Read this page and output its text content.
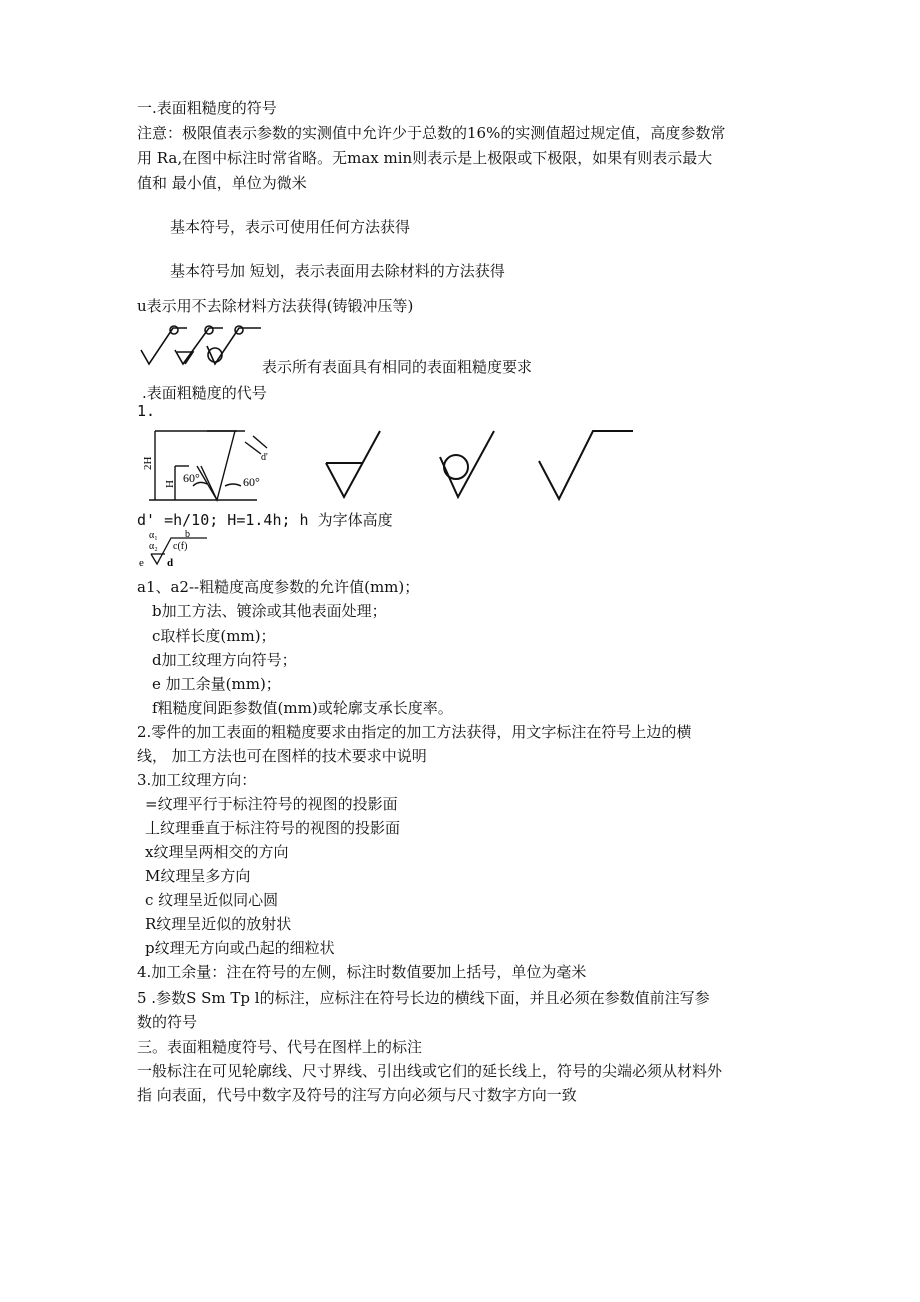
一.表面粗糙度的符号
注意：极限值表示参数的实测值中允许少于总数的16%的实测值超过规定值，高度参数常
用 Ra,在图中标注时常省略。无max min则表示是上极限或下极限，如果有则表示最大
值和 最小值，单位为微米
基本符号，表示可使用任何方法获得
基本符号加 短划，表示表面用去除材料的方法获得
u表示用不去除材料方法获得(铸锻冲压等)
表示所有表面具有相同的表面粗糙度要求
.表面粗糙度的代号
1.
2H
H 60°	60°
d'
d' =h/10; H=1.4h; h 为字体高度
α₁
α₂
b
c(f)
e d
a1、a2--粗糙度高度参数的允许值(mm)；
b加工方法、镀涂或其他表面处理；
c取样长度(mm)；
d加工纹理方向符号；
e 加工余量(mm)；
f粗糙度间距参数值(mm)或轮廓支承长度率。
2.零件的加工表面的粗糙度要求由指定的加工方法获得，用文字标注在符号上边的横
线， 加工方法也可在图样的技术要求中说明
3.加工纹理方向：
=纹理平行于标注符号的视图的投影面
丄纹理垂直于标注符号的视图的投影面
x纹理呈两相交的方向
M纹理呈多方向
c 纹理呈近似同心圆
R纹理呈近似的放射状
p纹理无方向或凸起的细粒状
4.加工余量：注在符号的左侧，标注时数值要加上括号，单位为毫米
5 .参数S Sm Tp l的标注，应标注在符号长边的横线下面，并且必须在参数值前注写参
数的符号
三。表面粗糙度符号、代号在图样上的标注
一般标注在可见轮廓线、尺寸界线、引出线或它们的延长线上，符号的尖端必须从材料外
指 向表面，代号中数字及符号的注写方向必须与尺寸数字方向一致
